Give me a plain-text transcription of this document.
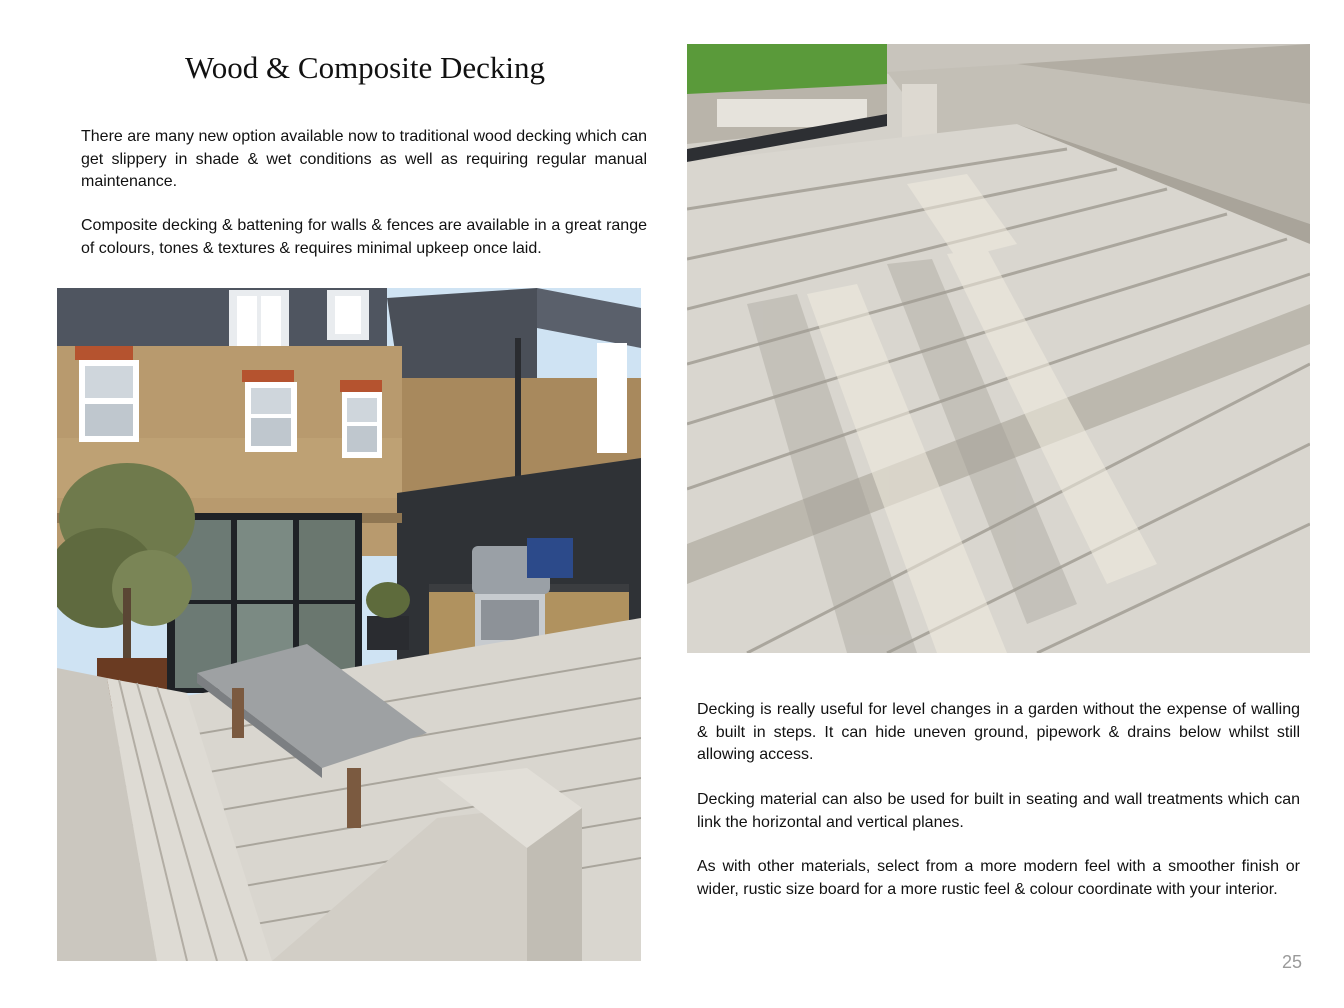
Wood & Composite Decking

There are many new option available now to traditional wood decking which can get slippery in shade & wet conditions as well as requiring regular manual maintenance.

Composite decking & battening for walls & fences are available in a great range of colours, tones & textures & requires minimal upkeep once laid.

Decking is really useful for level changes in a garden without the expense of walling & built in steps. It can hide uneven ground, pipework & drains below whilst still allowing access.

Decking material can also be used for built in seating and wall treatments which can link the horizontal and vertical planes.

As with other materials, select from a more modern feel with a smoother finish or wider, rustic size board for a more rustic feel & colour coordinate with your interior.

25
